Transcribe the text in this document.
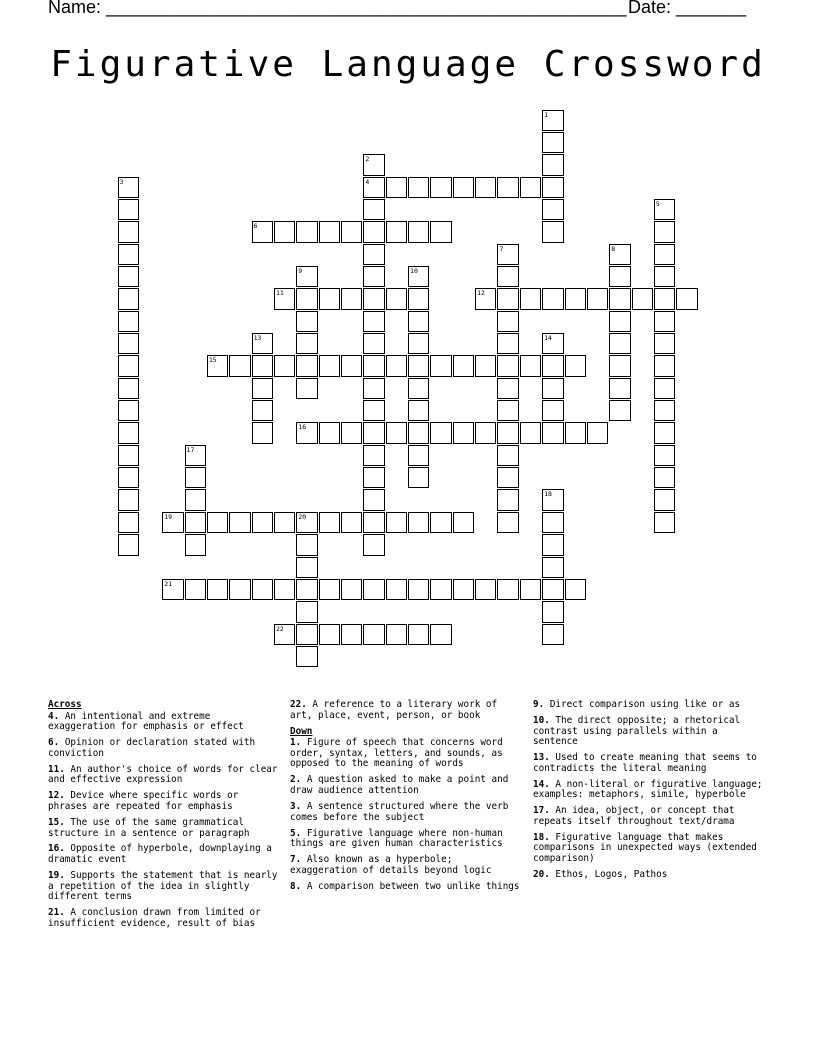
Name: ____________________________________________________ Date: _______
Figurative Language Crossword
1
2
4
3
5
6
7	8
9	10
11	12
13	14
15
16
17
18
19	20
21
22
Across
4. An intentional and extreme exaggeration for emphasis or effect
6. Opinion or declaration stated with conviction
11. An author's choice of words for clear and effective expression
12. Device where specific words or phrases are repeated for emphasis
15. The use of the same grammatical structure in a sentence or paragraph
16. Opposite of hyperbole, downplaying a dramatic event
19. Supports the statement that is nearly a repetition of the idea in slightly different terms
21. A conclusion drawn from limited or insufficient evidence, result of bias
22. A reference to a literary work of art, place, event, person, or book
Down
1. Figure of speech that concerns word order, syntax, letters, and sounds, as opposed to the meaning of words
2. A question asked to make a point and draw audience attention
3. A sentence structured where the verb comes before the subject
5. Figurative language where non-human things are given human characteristics
7. Also known as a hyperbole; exaggeration of details beyond logic
8. A comparison between two unlike things
9. Direct comparison using like or as
10. The direct opposite; a rhetorical contrast using parallels within a sentence
13. Used to create meaning that seems to contradicts the literal meaning
14. A non-literal or figurative language; examples: metaphors, simile, hyperbole
17. An idea, object, or concept that repeats itself throughout text/drama
18. Figurative language that makes comparisons in unexpected ways (extended comparison)
20. Ethos, Logos, Pathos
